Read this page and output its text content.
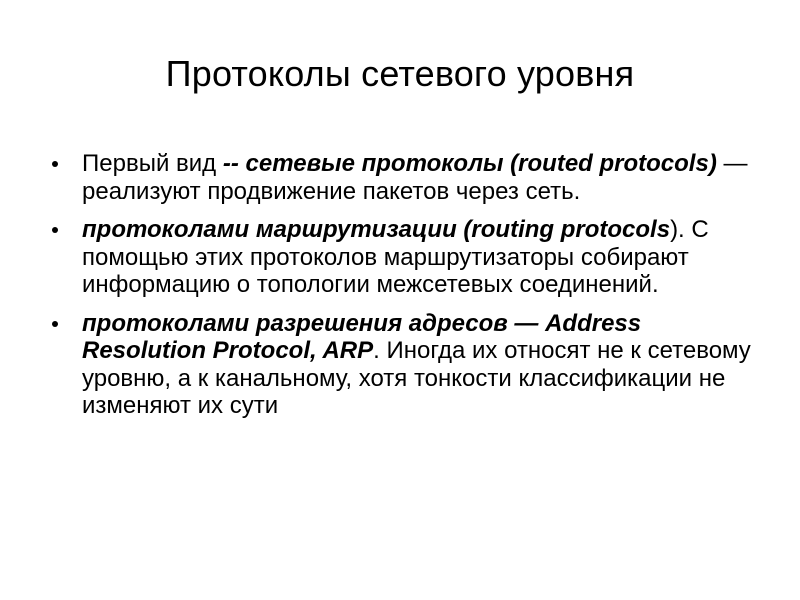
Протоколы сетевого уровня
Первый вид -- сетевые протоколы (routed protocols) — реализуют продвижение пакетов через сеть.
протоколами маршрутизации (routing protocols). С помощью этих протоколов маршрутизаторы собирают информацию о топологии межсетевых соединений.
протоколами разрешения адресов — Address Resolution Protocol, ARP. Иногда их относят не к сетевому уровню, а к канальному, хотя тонкости классификации не изменяют их сути
